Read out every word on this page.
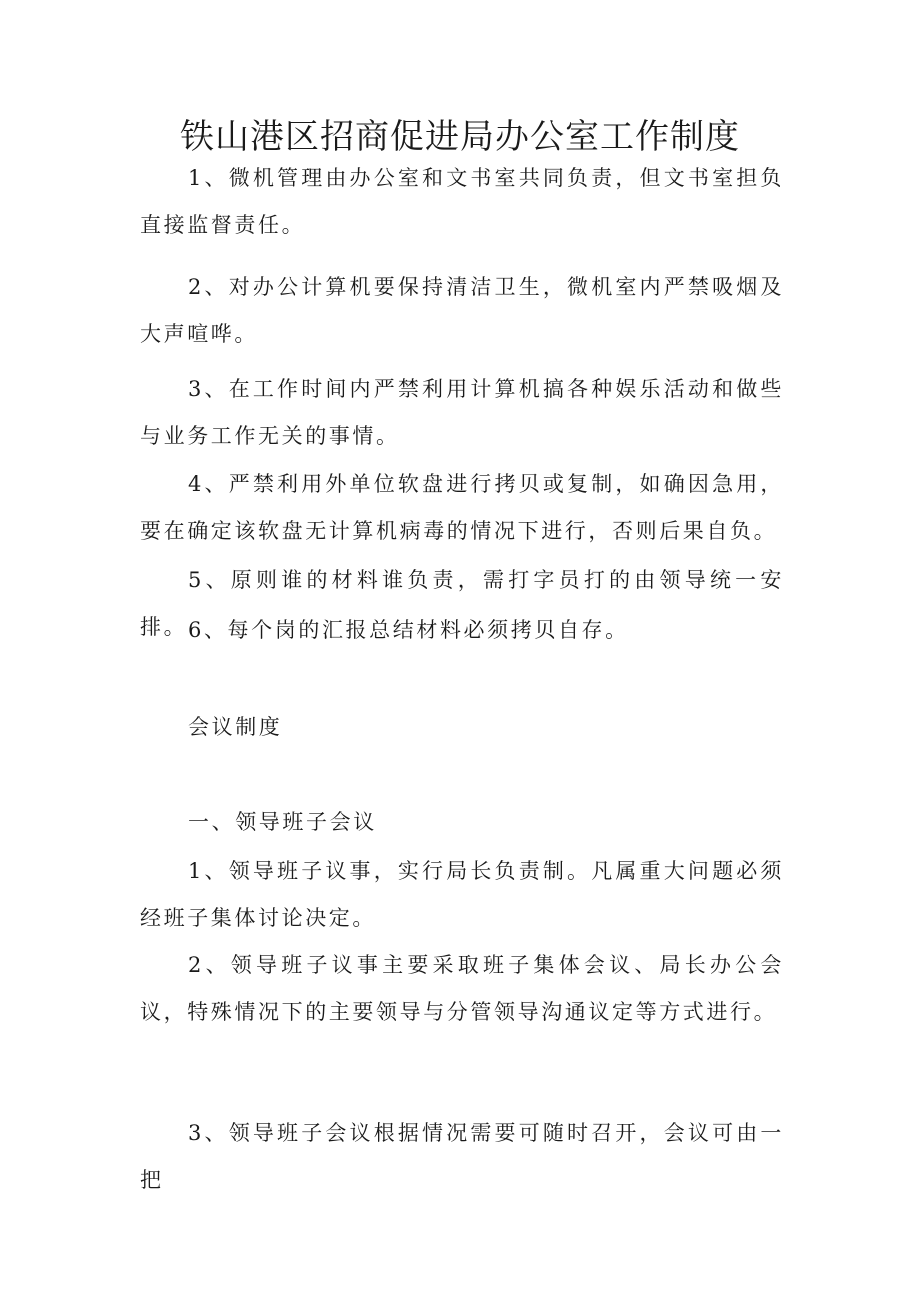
铁山港区招商促进局办公室工作制度

1、微机管理由办公室和文书室共同负责，但文书室担负直接监督责任。

2、对办公计算机要保持清洁卫生，微机室内严禁吸烟及大声喧哗。

3、在工作时间内严禁利用计算机搞各种娱乐活动和做些与业务工作无关的事情。

4、严禁利用外单位软盘进行拷贝或复制，如确因急用，要在确定该软盘无计算机病毒的情况下进行，否则后果自负。

5、原则谁的材料谁负责，需打字员打的由领导统一安排。 6、每个岗的汇报总结材料必须拷贝自存。

会议制度

一、领导班子会议

1、领导班子议事，实行局长负责制。凡属重大问题必须经班子集体讨论决定。

2、领导班子议事主要采取班子集体会议、局长办公会议，特殊情况下的主要领导与分管领导沟通议定等方式进行。

3、领导班子会议根据情况需要可随时召开，会议可由一把
